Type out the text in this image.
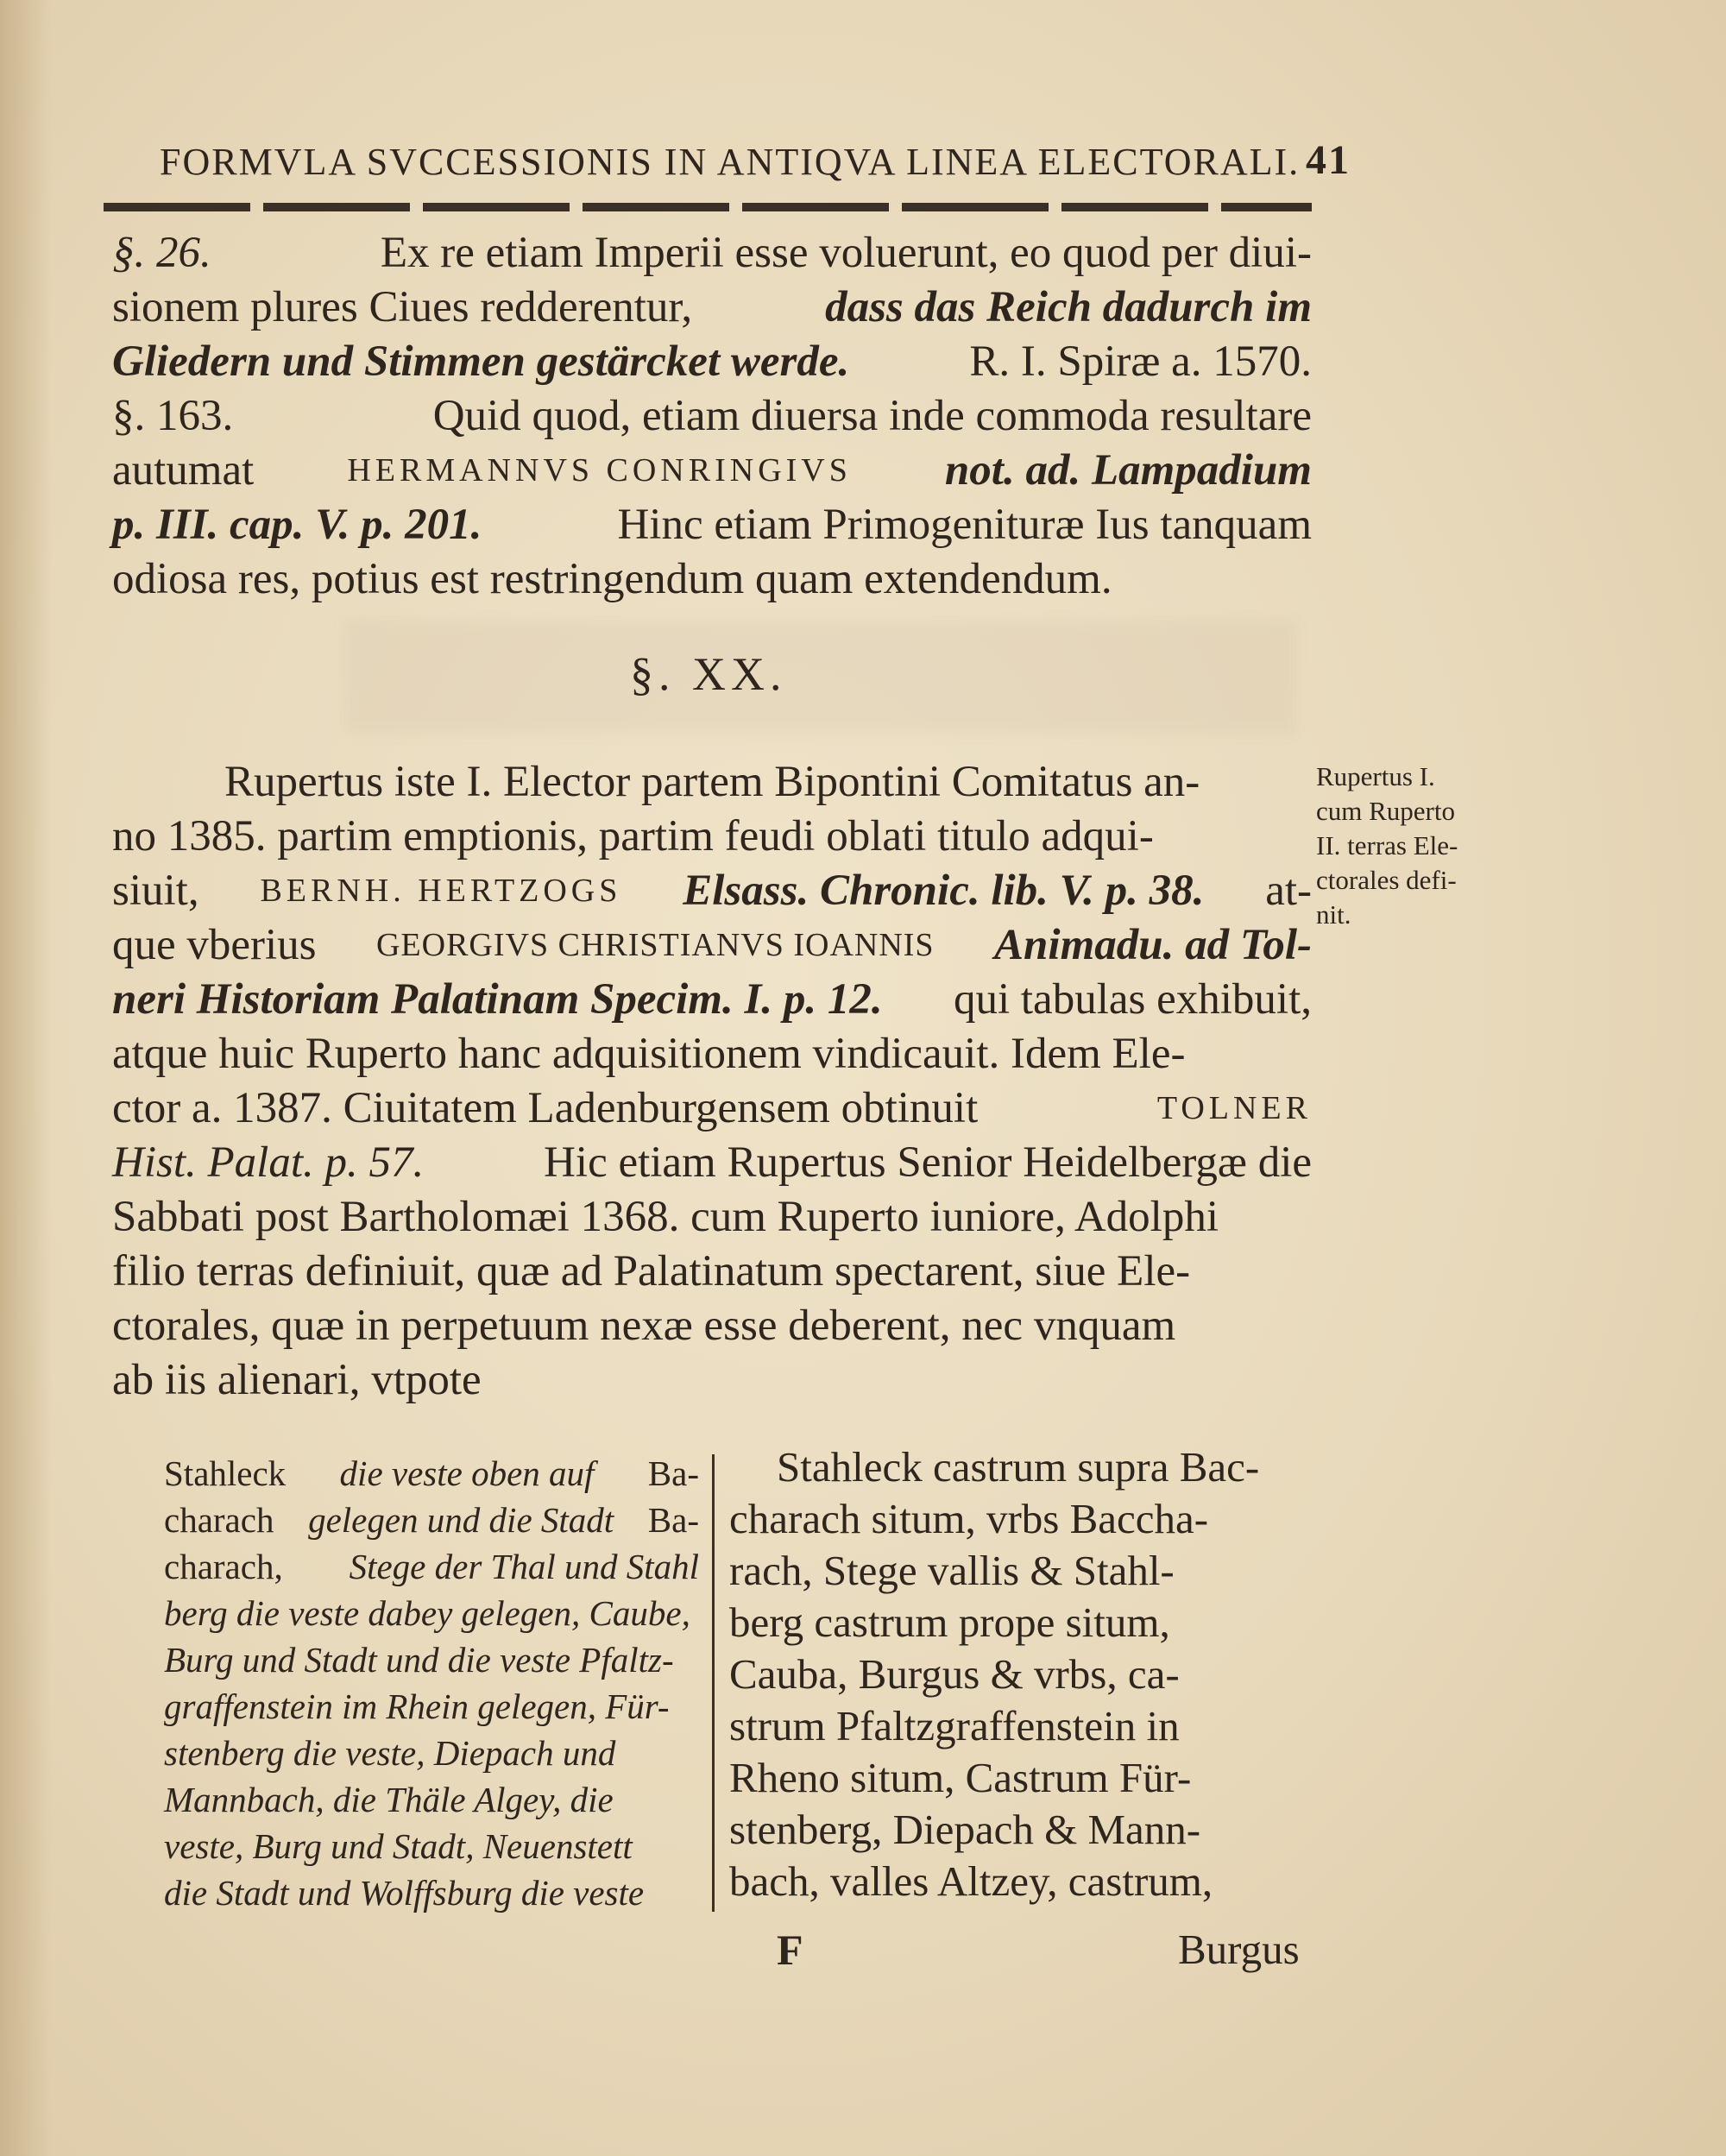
FORMVLA SVCCESSIONIS IN ANTIQVA LINEA ELECTORALI. 41
§. 26.	Ex re etiam Imperii esse voluerunt, eo quod per diui-
sionem plures Ciues redderentur,	dass das Reich dadurch im
Gliedern und Stimmen gestärcket werde.	R. I. Spiræ a. 1570.
§. 163.	Quid quod, etiam diuersa inde commoda resultare
autumat	HERMANNVS CONRINGIVS not. ad. Lampadium
p. III. cap. V. p. 201.	Hinc etiam Primogenituræ Ius tanquam
odiosa res, potius est restringendum quam extendendum.
§. XX.
Rupertus iste I. Elector partem Bipontini Comitatus an-
no 1385. partim emptionis, partim feudi oblati titulo adqui-
siuit, BERNH. HERTZOGS Elsass. Chronic. lib. V. p. 38. at-
que vberius GEORGIVS CHRISTIANVS IOANNIS Animadu. ad Tol-
neri Historiam Palatinam Specim. I. p. 12. qui tabulas exhibuit,
atque huic Ruperto hanc adquisitionem vindicauit. Idem Ele-
ctor a. 1387. Ciuitatem Ladenburgensem obtinuit	TOLNER
Hist. Palat. p. 57.	Hic etiam Rupertus Senior Heidelbergæ die
Sabbati post Bartholomæi 1368. cum Ruperto iuniore, Adolphi
filio terras definiuit, quæ ad Palatinatum spectarent, siue Ele-
ctorales, quæ in perpetuum nexæ esse deberent, nec vnquam
ab iis alienari, vtpote
Rupertus I.
cum Ruperto
II. terras Ele-
ctorales defi-
nit.
Stahleck die veste oben auf Ba-
charach gelegen und die Stadt Ba-
charach, Stege der Thal und Stahl
berg die veste dabey gelegen, Caube,
Burg und Stadt und die veste Pfaltz-
graffenstein im Rhein gelegen, Für-
stenberg die veste, Diepach und
Mannbach, die Thäle Algey, die
veste, Burg und Stadt, Neuenstett
die Stadt und Wolffsburg die veste
Stahleck castrum supra Bac-
charach situm, vrbs Baccha-
rach, Stege vallis & Stahl-
berg castrum prope situm,
Cauba, Burgus & vrbs, ca-
strum Pfaltzgraffenstein in
Rheno situm, Castrum Für-
stenberg, Diepach & Mann-
bach, valles Altzey, castrum,
F	Burgus
